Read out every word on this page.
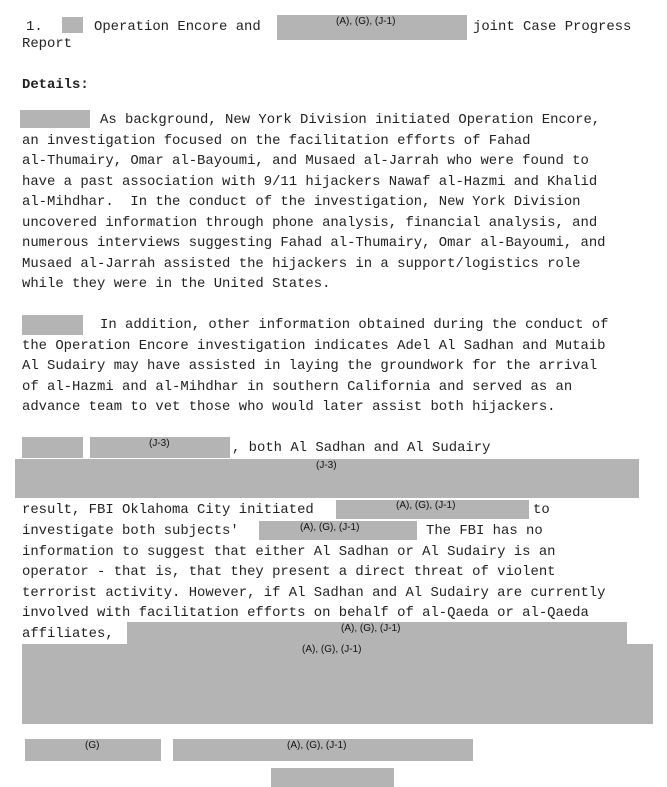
1.	Operation Encore and	(A), (G), (J-1)	joint Case Progress
Report
Details:
As background, New York Division initiated Operation Encore,
an investigation focused on the facilitation efforts of Fahad
al-Thumairy, Omar al-Bayoumi, and Musaed al-Jarrah who were found to
have a past association with 9/11 hijackers Nawaf al-Hazmi and Khalid
al-Mihdhar.  In the conduct of the investigation, New York Division
uncovered information through phone analysis, financial analysis, and
numerous interviews suggesting Fahad al-Thumairy, Omar al-Bayoumi, and
Musaed al-Jarrah assisted the hijackers in a support/logistics role
while they were in the United States.
In addition, other information obtained during the conduct of
the Operation Encore investigation indicates Adel Al Sadhan and Mutaib
Al Sudairy may have assisted in laying the groundwork for the arrival
of al-Hazmi and al-Mihdhar in southern California and served as an
advance team to vet those who would later assist both hijackers.
(J-3)	, both Al Sadhan and Al Sudairy
(J-3)
result, FBI Oklahoma City initiated	(A), (G), (J-1)	to
investigate both subjects'	(A), (G), (J-1)	The FBI has no
information to suggest that either Al Sadhan or Al Sudairy is an
operator - that is, that they present a direct threat of violent
terrorist activity. However, if Al Sadhan and Al Sudairy are currently
involved with facilitation efforts on behalf of al-Qaeda or al-Qaeda
affiliates,	(A), (G), (J-1)
(A), (G), (J-1)
(G)	(A), (G), (J-1)
